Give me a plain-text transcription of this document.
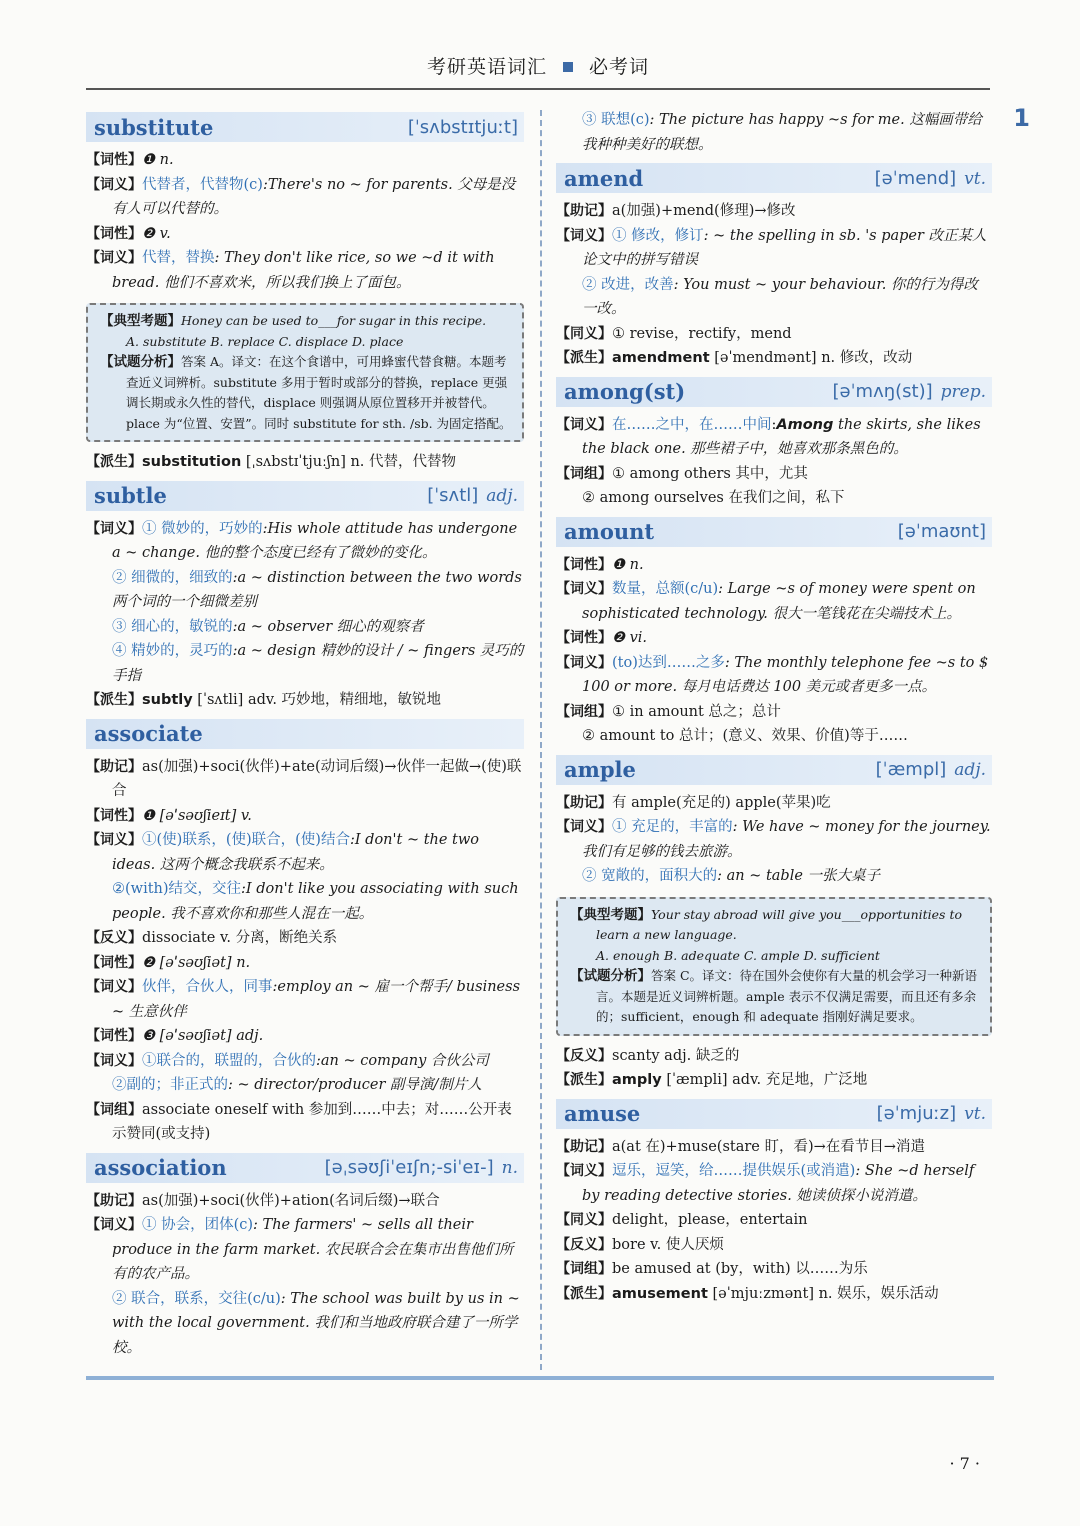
考研英语词汇 必考词
1
substitute	[ˈsʌbstɪtjuːt]

【词性】❶ n.

【词义】代替者，代替物(c):There's no ~ for parents. 父母是没有人可以代替的。

【词性】❷ v.

【词义】代替，替换: They don't like rice, so we ~d it with bread. 他们不喜欢米，所以我们换上了面包。

【典型考题】Honey can be used to___for sugar in this recipe.

A. substitute B. replace C. displace D. place

【试题分析】答案 A。译文：在这个食谱中，可用蜂蜜代替食糖。本题考查近义词辨析。substitute 多用于暂时或部分的替换，replace 更强调长期或永久性的替代，displace 则强调从原位置移开并被替代。place 为“位置、安置”。同时 substitute for sth. /sb. 为固定搭配。

【派生】substitution [ˌsʌbstɪˈtjuːʃn] n. 代替，代替物

subtle	[ˈsʌtl] adj.

【词义】① 微妙的，巧妙的:His whole attitude has undergone a ~ change. 他的整个态度已经有了微妙的变化。

② 细微的，细致的:a ~ distinction between the two words 两个词的一个细微差别

③ 细心的，敏锐的:a ~ observer 细心的观察者

④ 精妙的，灵巧的:a ~ design 精妙的设计 / ~ fingers 灵巧的手指

【派生】subtly [ˈsʌtli] adv. 巧妙地，精细地，敏锐地

associate

【助记】as(加强)+soci(伙伴)+ate(动词后缀)→伙伴一起做→(使)联合

【词性】❶ [əˈsəʊʃieɪt] v.

【词义】①(使)联系，(使)联合，(使)结合:I don't ~ the two ideas. 这两个概念我联系不起来。

②(with)结交，交往:I don't like you associating with such people. 我不喜欢你和那些人混在一起。

【反义】dissociate v. 分离，断绝关系

【词性】❷ [əˈsəʊʃiət] n.

【词义】伙伴，合伙人，同事:employ an ~ 雇一个帮手/ business ~ 生意伙伴

【词性】❸ [əˈsəʊʃiət] adj.

【词义】①联合的，联盟的，合伙的:an ~ company 合伙公司

②副的；非正式的: ~ director/producer 副导演/制片人

【词组】associate oneself with 参加到……中去；对……公开表示赞同(或支持)

association	[əˌsəʊʃiˈeɪʃn;-siˈeɪ-] n.

【助记】as(加强)+soci(伙伴)+ation(名词后缀)→联合

【词义】① 协会，团体(c): The farmers' ~ sells all their produce in the farm market. 农民联合会在集市出售他们所有的农产品。

② 联合，联系，交往(c/u): The school was built by us in ~ with the local government. 我们和当地政府联合建了一所学校。

③ 联想(c): The picture has happy ~s for me. 这幅画带给我种种美好的联想。

amend	[əˈmend] vt.

【助记】a(加强)+mend(修理)→修改

【词义】① 修改，修订: ~ the spelling in sb. 's paper 改正某人论文中的拼写错误

② 改进，改善: You must ~ your behaviour. 你的行为得改一改。

【同义】① revise，rectify，mend

【派生】amendment [əˈmendmənt] n. 修改，改动

among(st)	[əˈmʌŋ(st)] prep.

【词义】在……之中，在……中间:Among the skirts, she likes the black one. 那些裙子中，她喜欢那条黑色的。

【词组】① among others 其中，尤其

② among ourselves 在我们之间，私下

amount	[əˈmaʊnt]

【词性】❶ n.

【词义】数量，总额(c/u): Large ~s of money were spent on sophisticated technology. 很大一笔钱花在尖端技术上。

【词性】❷ vi.

【词义】(to)达到……之多: The monthly telephone fee ~s to $ 100 or more. 每月电话费达 100 美元或者更多一点。

【词组】① in amount 总之；总计

② amount to 总计；(意义、效果、价值)等于……

ample	[ˈæmpl] adj.

【助记】有 ample(充足的) apple(苹果)吃

【词义】① 充足的，丰富的: We have ~ money for the journey. 我们有足够的钱去旅游。

② 宽敞的，面积大的: an ~ table 一张大桌子

【典型考题】Your stay abroad will give you___opportunities to learn a new language.

A. enough B. adequate C. ample D. sufficient

【试题分析】答案 C。译文：待在国外会使你有大量的机会学习一种新语言。本题是近义词辨析题。ample 表示不仅满足需要，而且还有多余的；sufficient，enough 和 adequate 指刚好满足要求。

【反义】scanty adj. 缺乏的

【派生】amply [ˈæmpli] adv. 充足地，广泛地

amuse	[əˈmjuːz] vt.

【助记】a(at 在)+muse(stare 盯，看)→在看节目→消遣

【词义】逗乐，逗笑，给……提供娱乐(或消遣): She ~d herself by reading detective stories. 她读侦探小说消遣。

【同义】delight，please，entertain

【反义】bore v. 使人厌烦

【词组】be amused at (by，with) 以……为乐

【派生】amusement [əˈmjuːzmənt] n. 娱乐，娱乐活动

· 7 ·
